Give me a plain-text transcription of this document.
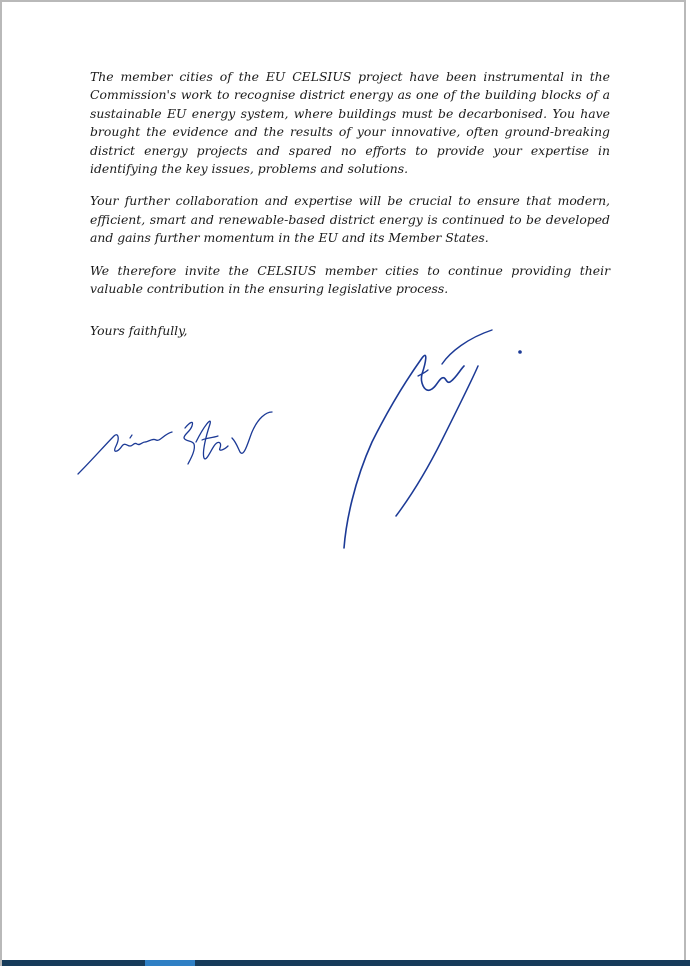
The member cities of the EU CELSIUS project have been instrumental in the Commission's work to recognise district energy as one of the building blocks of a sustainable EU energy system, where buildings must be decarbonised. You have brought the evidence and the results of your innovative, often ground-breaking district energy projects and spared no efforts to provide your expertise in identifying the key issues, problems and solutions.

Your further collaboration and expertise will be crucial to ensure that modern, efficient, smart and renewable-based district energy is continued to be developed and gains further momentum in the EU and its Member States.

We therefore invite the CELSIUS member cities to continue providing their valuable contribution in the ensuring legislative process.

Yours faithfully,
